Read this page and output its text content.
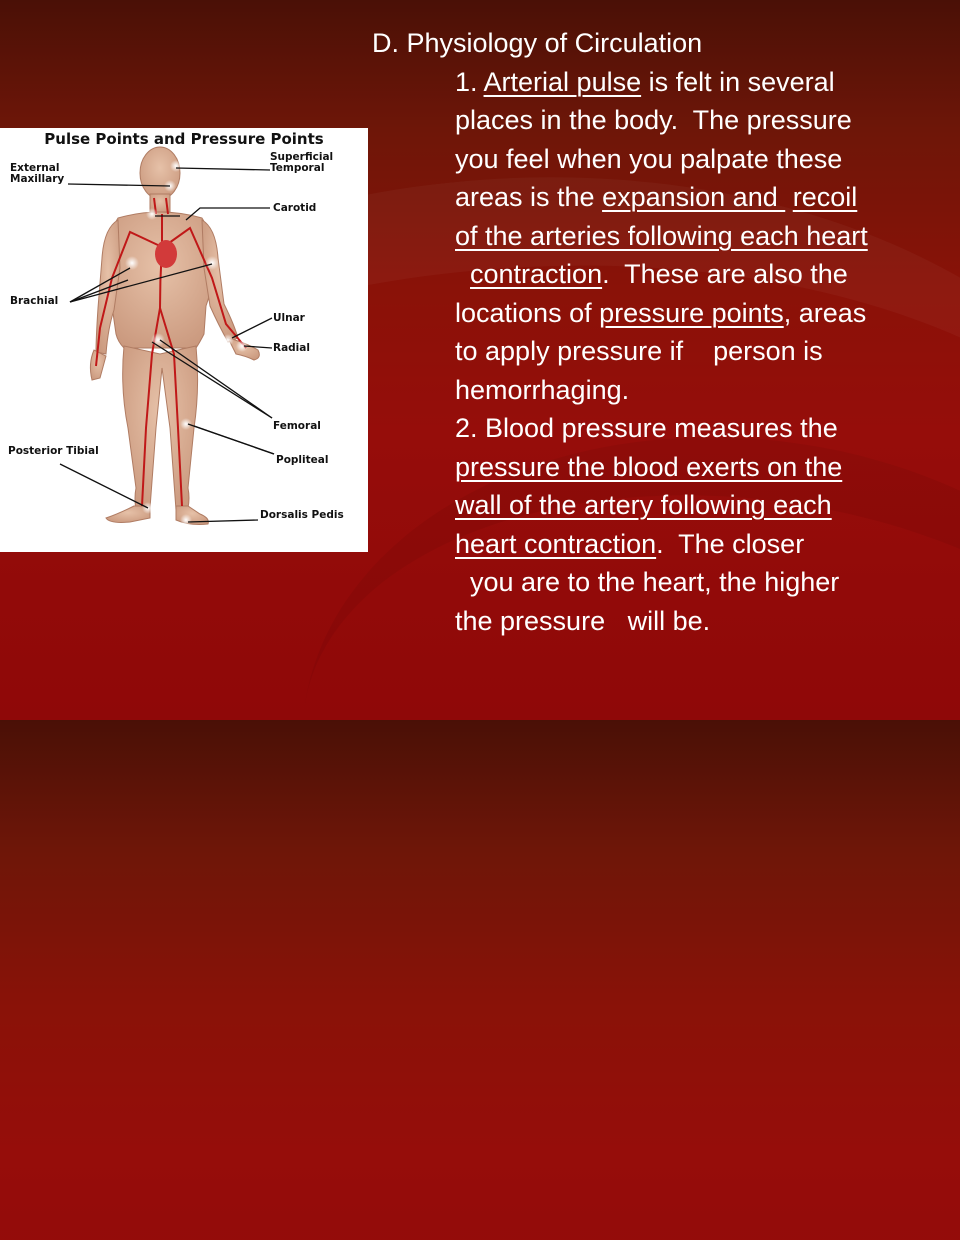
Pulse Points and Pressure Points
External
Maxillary
Superficial
Temporal
Carotid
Brachial
Ulnar
Radial
Femoral
Posterior Tibial
Popliteal
Dorsalis Pedis
D. Physiology of Circulation
1. Arterial pulse is felt in several
places in the body.  The pressure
you feel when you palpate these
areas is the expansion and  recoil
of the arteries following each heart
contraction.  These are also the
locations of pressure points, areas
to apply pressure if    person is
hemorrhaging.
2. Blood pressure measures the
pressure the blood exerts on the
wall of the artery following each
heart contraction.  The closer
you are to the heart, the higher
the pressure   will be.
